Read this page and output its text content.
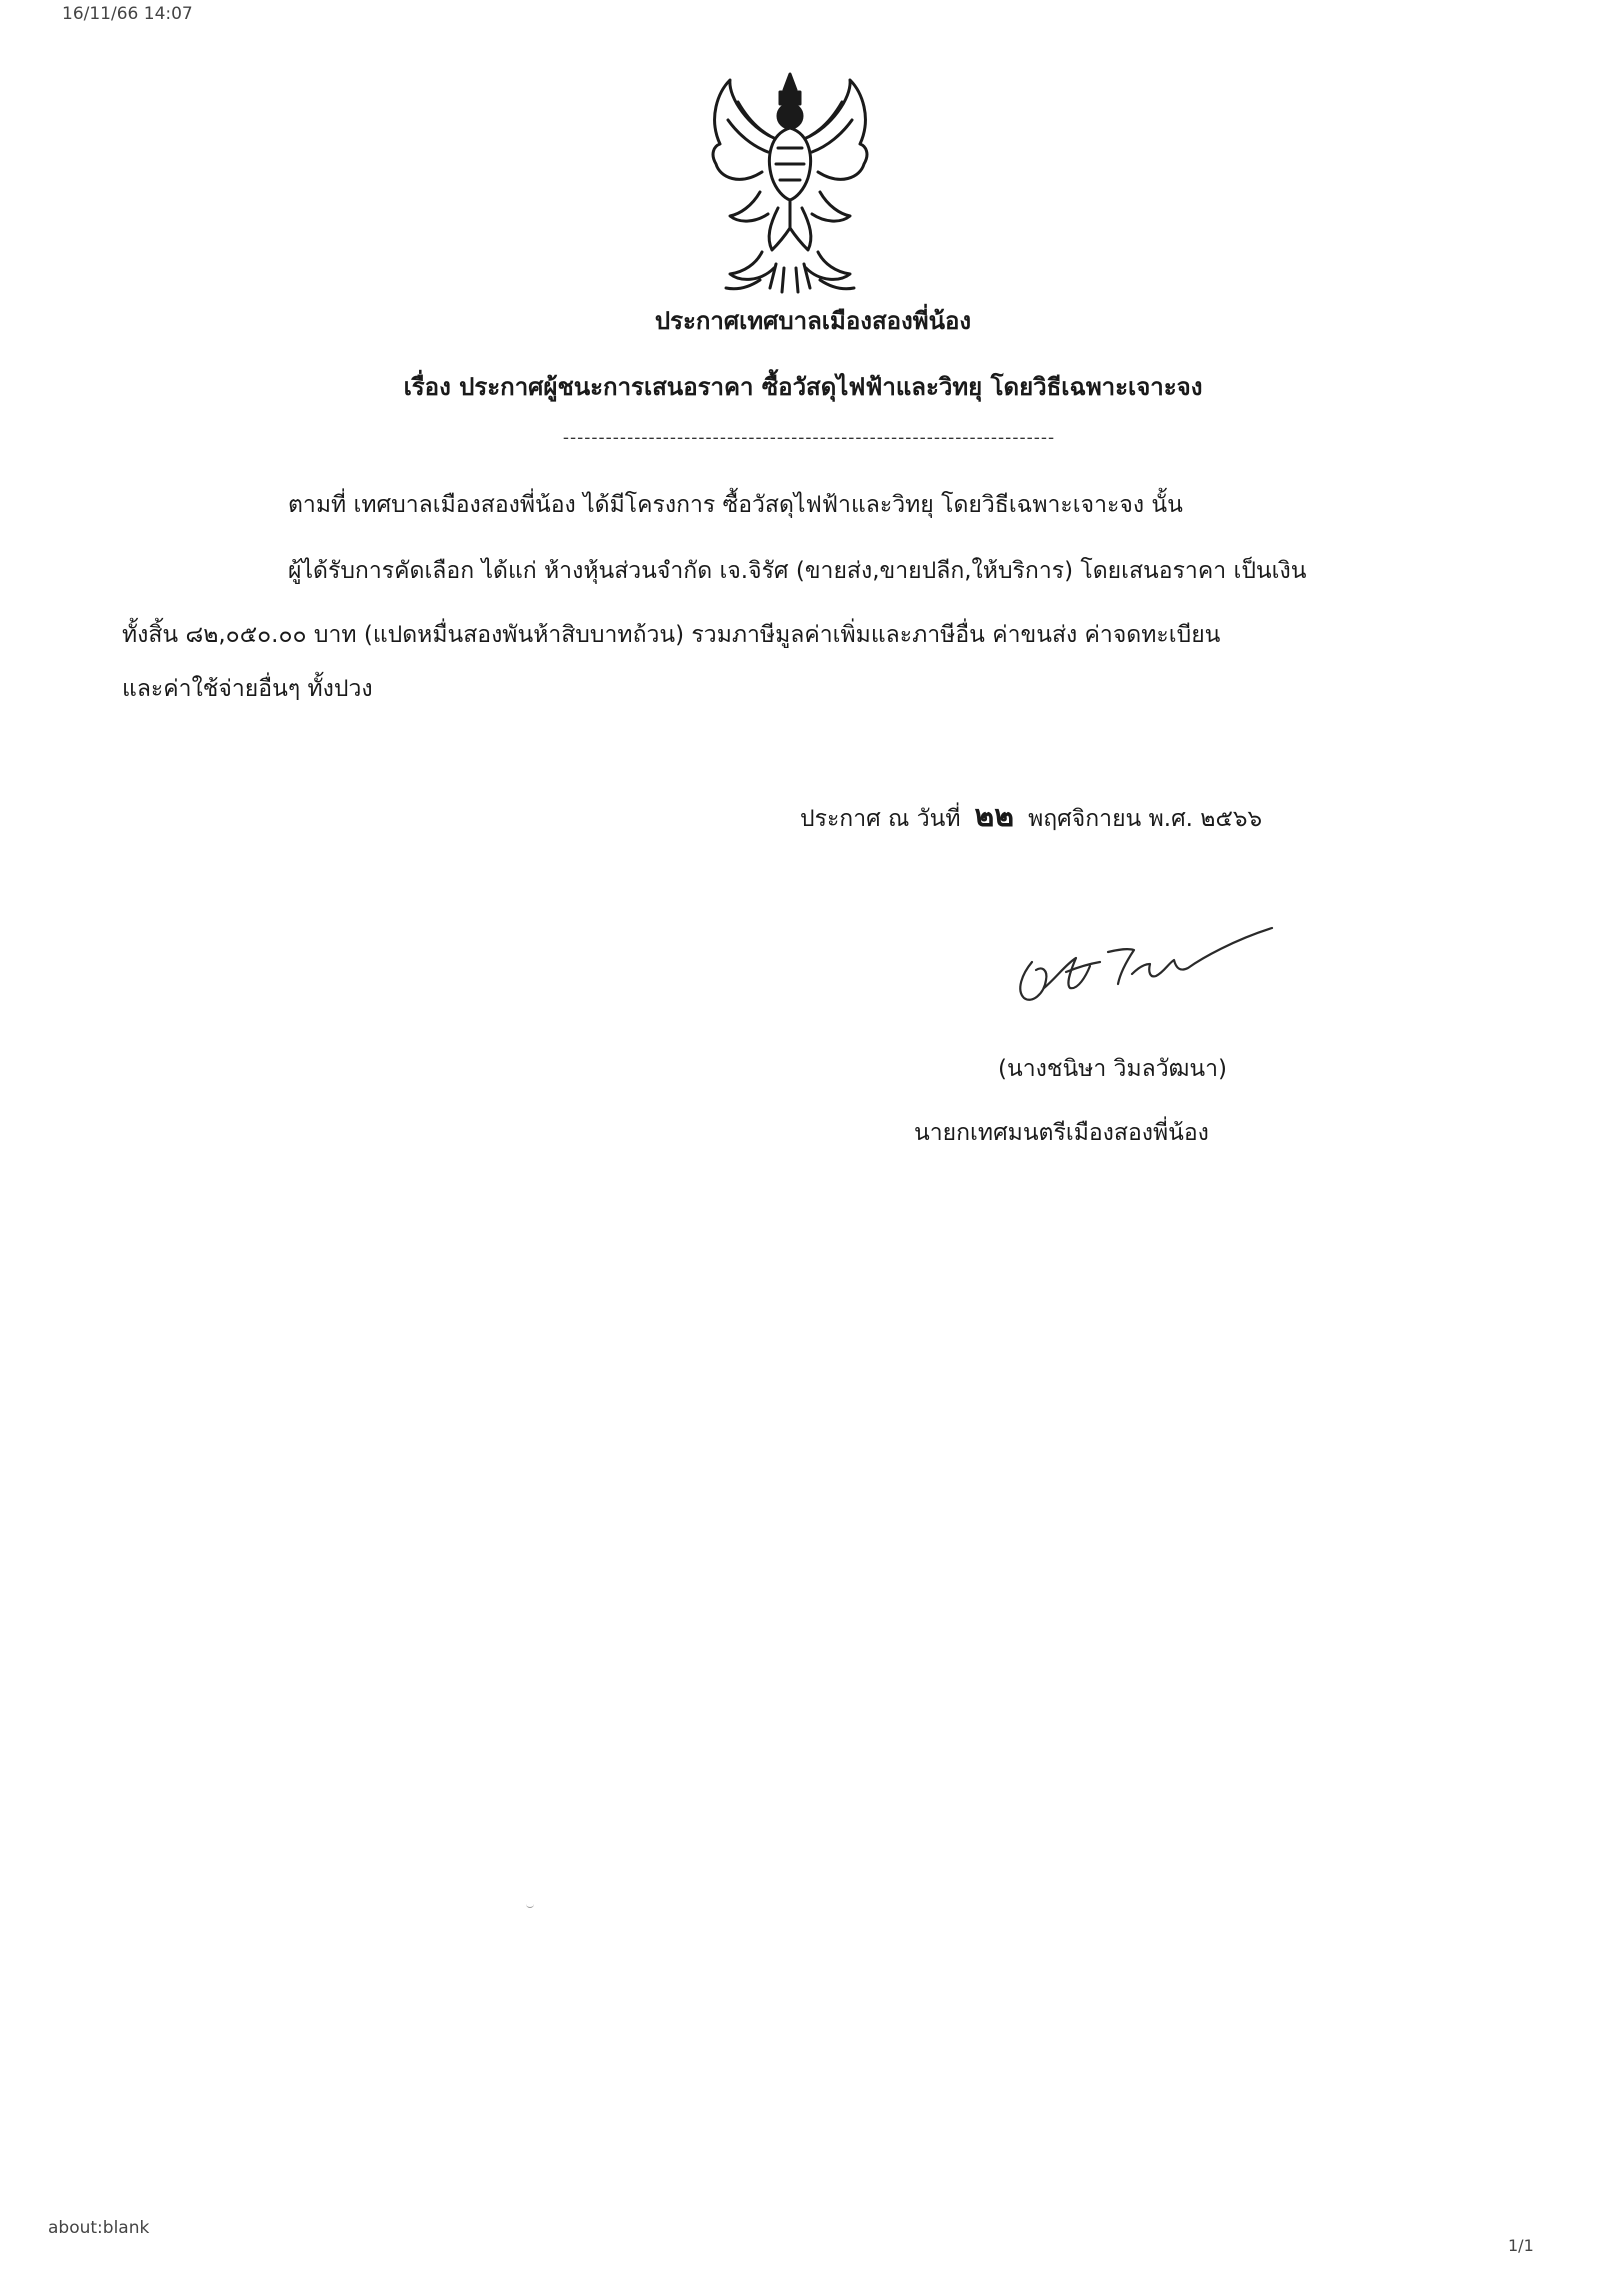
16/11/66 14:07
ประกาศเทศบาลเมืองสองพี่น้อง
เรื่อง ประกาศผู้ชนะการเสนอราคา ซื้อวัสดุไฟฟ้าและวิทยุ โดยวิธีเฉพาะเจาะจง
---------------------------------------------------------------------
ตามที่ เทศบาลเมืองสองพี่น้อง ได้มีโครงการ ซื้อวัสดุไฟฟ้าและวิทยุ โดยวิธีเฉพาะเจาะจง นั้น
ผู้ได้รับการคัดเลือก ได้แก่ ห้างหุ้นส่วนจำกัด เจ.จิรัศ (ขายส่ง,ขายปลีก,ให้บริการ) โดยเสนอราคา เป็นเงิน
ทั้งสิ้น ๘๒,๐๕๐.๐๐ บาท (แปดหมื่นสองพันห้าสิบบาทถ้วน) รวมภาษีมูลค่าเพิ่มและภาษีอื่น ค่าขนส่ง ค่าจดทะเบียน
และค่าใช้จ่ายอื่นๆ ทั้งปวง
ประกาศ ณ วันที่ ๒๒ พฤศจิกายน พ.ศ. ๒๕๖๖
(นางชนิษา วิมลวัฒนา)
นายกเทศมนตรีเมืองสองพี่น้อง
about:blank
1/1
